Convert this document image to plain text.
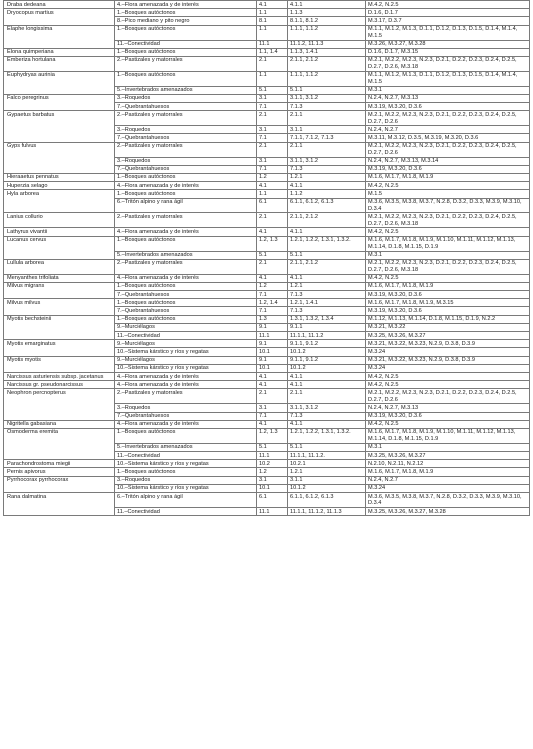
Draba dedeana	4.–Flora amenazada y de interés	4.1	4.1.1	M.4.2, N.2.5
Dryocopus martius	1.–Bosques autóctonos	1.1	1.1.3	D.1.6, D.1.7
	8.–Pico mediano y pito negro	8.1	8.1.1, 8.1.2	M.3.17, D.3.7
Elaphe longissima	1.–Bosques autóctonos	1.1	1.1.1, 1.1.2	M.1.1, M.1.2, M.1.3, D.1.1, D.1.2, D.1.3, D.1.5, D.1.4, M.1.4, M.1.5
	11.–Conectividad	11.1	11.1.2, 11.1.3	M.3.26, M.3.27, M.3.28
Elona quimperiana	1.–Bosques autóctonos	1.1, 1.4	1.1.3, 1.4.1	D.1.6, D.1.7, M.3.15
Emberiza hortulana	2.–Pastizales y matorrales	2.1	2.1.1, 2.1.2	M.2.1, M.2.2, M.2.3, N.2.3, D.2.1, D.2.2, D.2.3, D.2.4, D.2.5, D.2.7, D.2.6, M.3.18
Euphydryas aurinia	1.–Bosques autóctonos	1.1	1.1.1, 1.1.2	M.1.1, M.1.2, M.1.3, D.1.1, D.1.2, D.1.3, D.1.5, D.1.4, M.1.4, M.1.5
	5.–Invertebrados amenazados	5.1	5.1.1	M.3.1
Falco peregrinus	3.–Roquedos	3.1	3.1.1, 3.1.2	N.2.4, N.2.7, M.3.13
	7.–Quebrantahuesos	7.1	7.1.3	M.3.19, M.3.20, D.3.6
Gypaetus barbatus	2.–Pastizales y matorrales	2.1	2.1.1	M.2.1, M.2.2, M.2.3, N.2.3, D.2.1, D.2.2, D.2.3, D.2.4, D.2.5, D.2.7, D.2.6
	3.–Roquedos	3.1	3.1.1	N.2.4, N.2.7
	7.–Quebrantahuesos	7.1	7.1.1, 7.1.2, 7.1.3	M.3.11, M.3.12, D.3.5, M.3.19, M.3.20, D.3.6
Gyps fulvus	2.–Pastizales y matorrales	2.1	2.1.1	M.2.1, M.2.2, M.2.3, N.2.3, D.2.1, D.2.2, D.2.3, D.2.4, D.2.5, D.2.7, D.2.6
	3.–Roquedos	3.1	3.1.1, 3.1.2	N.2.4, N.2.7, M.3.13, M.3.14
	7.–Quebrantahuesos	7.1	7.1.3	M.3.19, M.3.20, D.3.6
Hieraaetus pennatus	1.–Bosques autóctonos	1.2	1.2.1	M.1.6, M.1.7, M.1.8, M.1.9
Huperzia selago	4.–Flora amenazada y de interés	4.1	4.1.1	M.4.2, N.2.5
Hyla arborea	1.–Bosques autóctonos	1.1	1.1.2	M.1.5
	6.–Tritón alpino y rana ágil	6.1	6.1.1, 6.1.2, 6.1.3	M.3.6, M.3.5, M.3.8, M.3.7, N.2.8, D.3.2, D.3.3, M.3.9, M.3.10, D.3.4
Lanius collurio	2.–Pastizales y matorrales	2.1	2.1.1, 2.1.2	M.2.1, M.2.2, M.2.3, N.2.3, D.2.1, D.2.2, D.2.3, D.2.4, D.2.5, D.2.7, D.2.6, M.3.18
Lathyrus vivantii	4.–Flora amenazada y de interés	4.1	4.1.1	M.4.2, N.2.5
Lucanus cervus	1.–Bosques autóctonos	1.2, 1.3	1.2.1, 1.2.2, 1.3.1, 1.3.2.	M.1.6, M.1.7, M.1.8, M.1.9, M.1.10, M.1.11, M.1.12, M.1.13, M.1.14, D.1.8, M.1.15, D.1.9
	5.–Invertebrados amenazados	5.1	5.1.1	M.3.1
Lullula arborea	2.–Pastizales y matorrales	2.1	2.1.1, 2.1.2	M.2.1, M.2.2, M.2.3, N.2.3, D.2.1, D.2.2, D.2.3, D.2.4, D.2.5, D.2.7, D.2.6, M.3.18
Menyanthes trifoliata	4.–Flora amenazada y de interés	4.1	4.1.1	M.4.2, N.2.5
Milvus migrans	1.–Bosques autóctonos	1.2	1.2.1	M.1.6, M.1.7, M.1.8, M.1.9
	7.–Quebrantahuesos	7.1	7.1.3	M.3.19, M.3.20, D.3.6
Milvus milvus	1.–Bosques autóctonos	1.2, 1.4	1.2.1, 1.4.1	M.1.6, M.1.7, M.1.8, M.1.9, M.3.15
	7.–Quebrantahuesos	7.1	7.1.3	M.3.19, M.3.20, D.3.6
Myotis bechsteinii	1.–Bosques autóctonos	1.3	1.3.1, 1.3.2, 1.3.4	M.1.12, M.1.13, M.1.14, D.1.8, M.1.15, D.1.9, N.2.2
	9.–Murciélagos	9.1	9.1.1	M.3.21, M.3.22
	11.–Conectividad	11.1	11.1.1, 11.1.2	M.3.25, M.3.26, M.3.27
Myotis emarginatus	9.–Murciélagos	9.1	9.1.1, 9.1.2	M.3.21, M.3.22, M.3.23, N.2.9, D.3.8, D.3.9
	10.–Sistema kárstico y ríos y regatas	10.1	10.1.2	M.3.24
Myotis myotis	9.–Murciélagos	9.1	9.1.1, 9.1.2	M.3.21, M.3.22, M.3.23, N.2.9, D.3.8, D.3.9
	10.–Sistema kárstico y ríos y regatas	10.1	10.1.2	M.3.24
Narcissus asturiensis subsp. jacetanus	4.–Flora amenazada y de interés	4.1	4.1.1	M.4.2, N.2.5
Narcissus gr. pseudonarcissus	4.–Flora amenazada y de interés	4.1	4.1.1	M.4.2, N.2.5
Neophron percnopterus	2.–Pastizales y matorrales	2.1	2.1.1	M.2.1, M.2.2, M.2.3, N.2.3, D.2.1, D.2.2, D.2.3, D.2.4, D.2.5, D.2.7, D.2.6
	3.–Roquedos	3.1	3.1.1, 3.1.2	N.2.4, N.2.7, M.3.13
	7.–Quebrantahuesos	7.1	7.1.3	M.3.19, M.3.20, D.3.6
Nigritella gabasiana	4.–Flora amenazada y de interés	4.1	4.1.1	M.4.2, N.2.5
Osmoderma eremita	1.–Bosques autóctonos	1.2, 1.3	1.2.1, 1.2.2, 1.3.1, 1.3.2.	M.1.6, M.1.7, M.1.8, M.1.9, M.1.10, M.1.11, M.1.12, M.1.13, M.1.14, D.1.8, M.1.15, D.1.9
	5.–Invertebrados amenazados	5.1	5.1.1	M.3.1
	11.–Conectividad	11.1	11.1.1, 11.1.2.	M.3.25, M.3.26, M.3.27
Parachondrostoma miegii	10.–Sistema kárstico y ríos y regatas	10.2	10.2.1	N.2.10, N.2.11, N.2.12
Pernis apivorus	1.–Bosques autóctonos	1.2	1.2.1	M.1.6, M.1.7, M.1.8, M.1.9
Pyrrhocorax pyrrhocorax	3.–Roquedos	3.1	3.1.1	N.2.4, N.2.7
	10.–Sistema kárstico y ríos y regatas	10.1	10.1.2	M.3.24
Rana dalmatina	6.–Tritón alpino y rana ágil	6.1	6.1.1, 6.1.2, 6.1.3	M.3.6, M.3.5, M.3.8, M.3.7, N.2.8, D.3.2, D.3.3, M.3.9, M.3.10, D.3.4
	11.–Conectividad	11.1	11.1.1, 11.1.2, 11.1.3	M.3.25, M.3.26, M.3.27, M.3.28
